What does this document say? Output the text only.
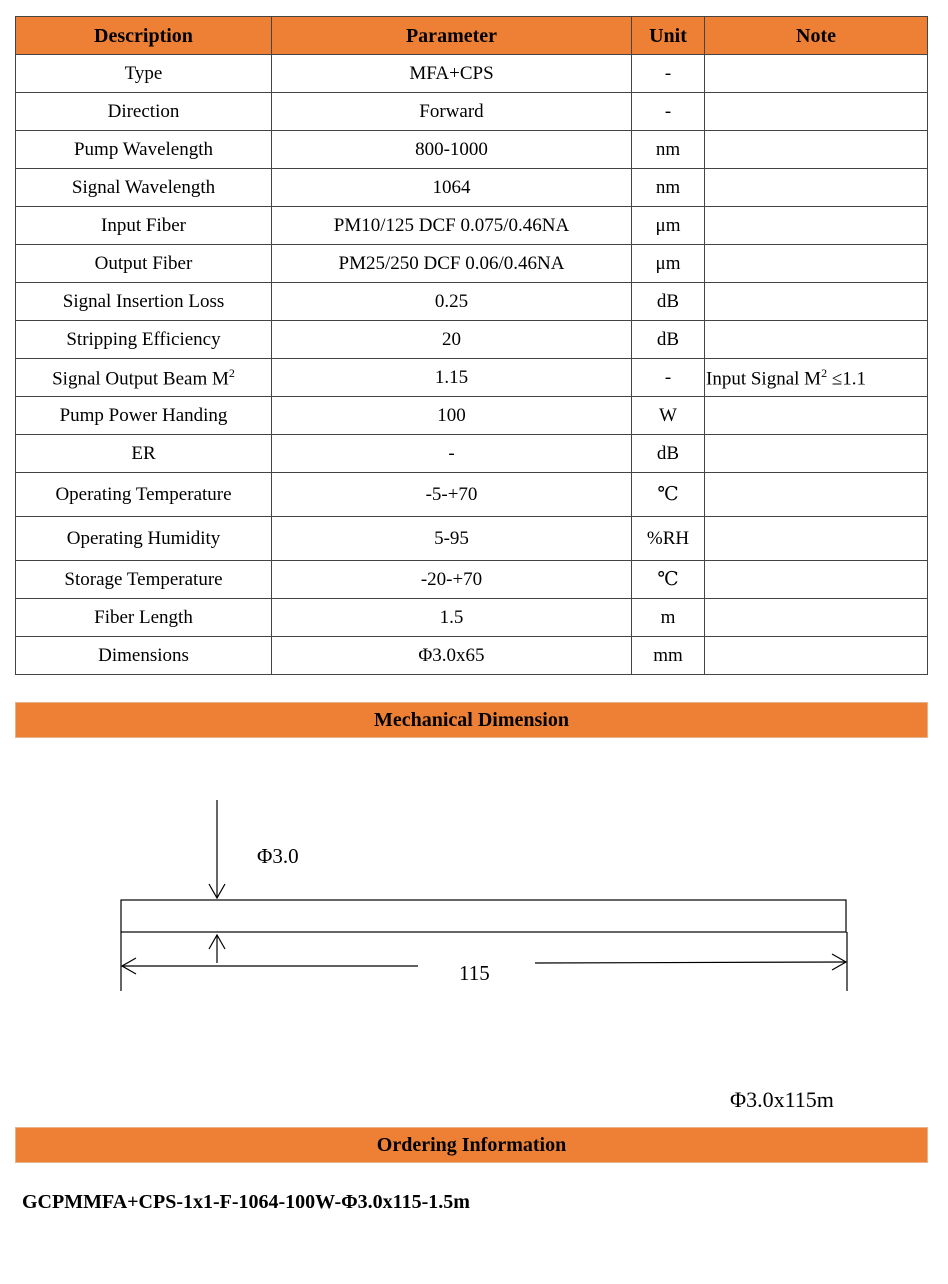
Description	Parameter	Unit	Note
Type	MFA+CPS	-	
Direction	Forward	-	
Pump Wavelength	800-1000	nm	
Signal Wavelength	1064	nm	
Input Fiber	PM10/125 DCF 0.075/0.46NA	μm	
Output Fiber	PM25/250 DCF 0.06/0.46NA	μm	
Signal Insertion Loss	0.25	dB	
Stripping Efficiency	20	dB	
Signal Output Beam $M^2$	1.15	-	Input Signal $M^2 \le 1.1$
Pump Power Handing	100	W	
ER	-	dB	
Operating Temperature	-5-+70	℃	
Operating Humidity	5-95	%RH	
Storage Temperature	-20-+70	℃	
Fiber Length	1.5	m	
Dimensions	Φ3.0x65	mm	
Mechanical Dimension
Φ3.0
115
Φ3.0x115m
Ordering Information
GCPMMFA+CPS-1x1-F-1064-100W-Φ3.0x115-1.5m
